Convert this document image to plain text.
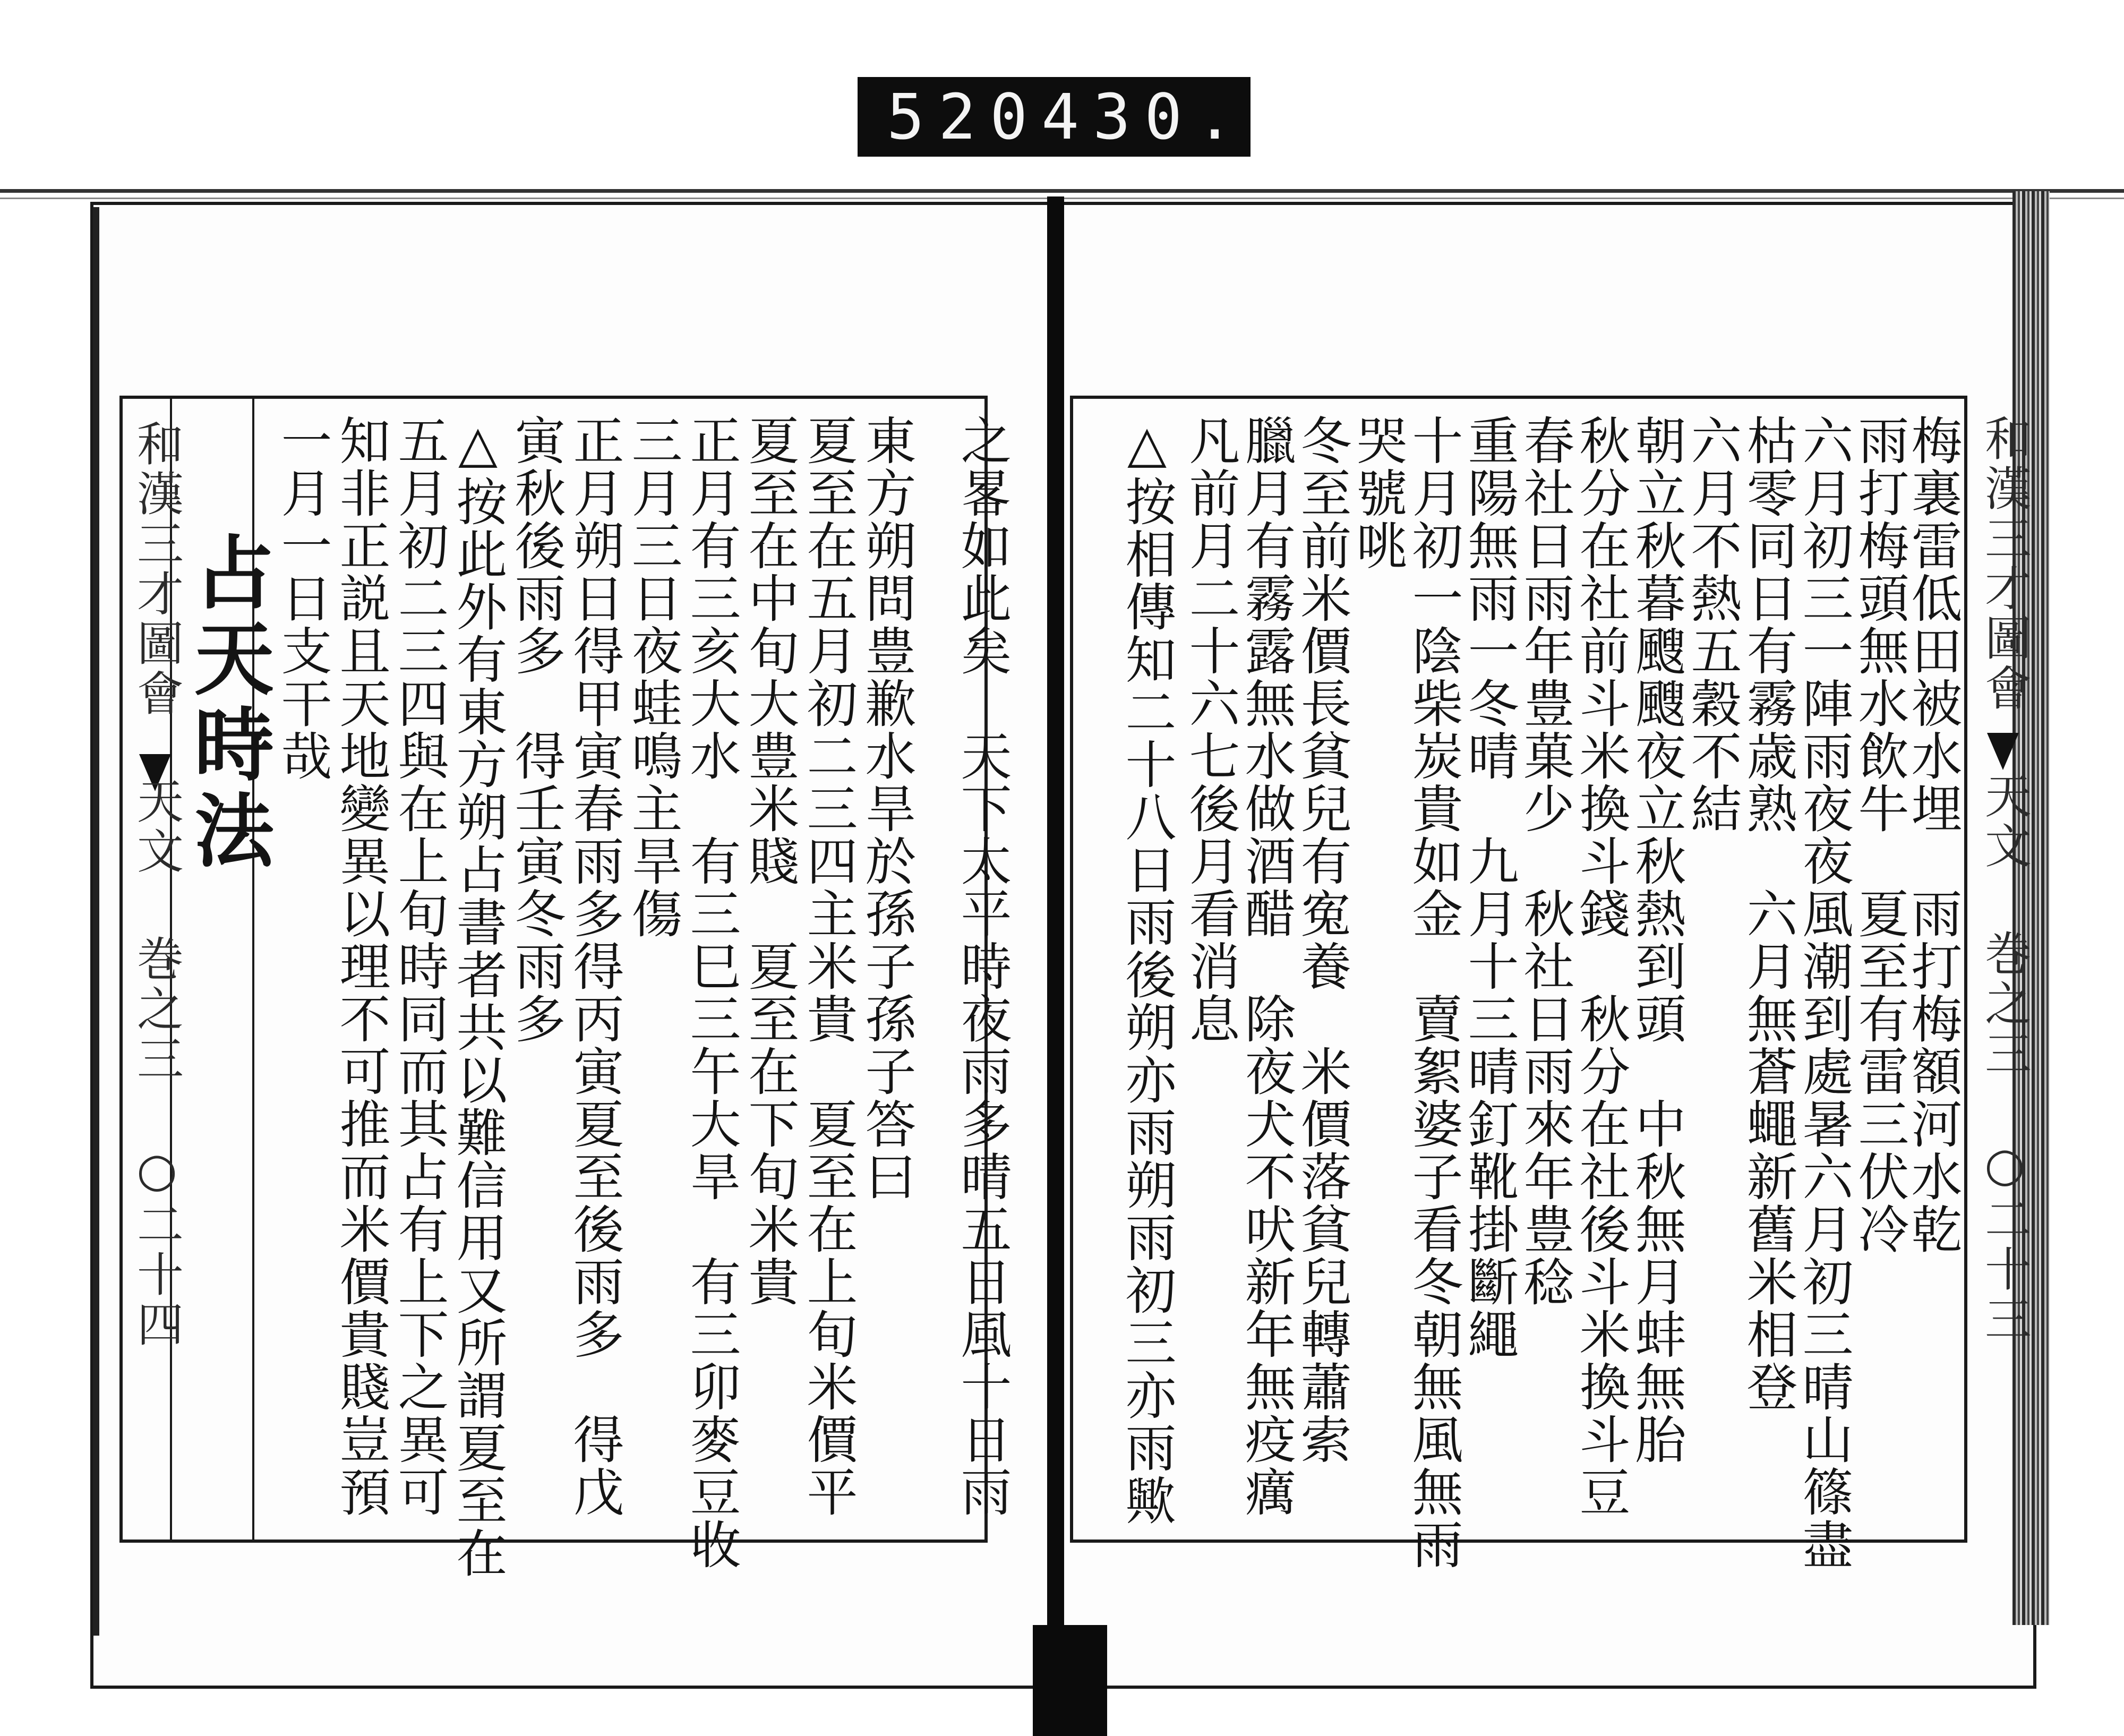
520 430.
和漢三才圖會 天文 巻之三 ○二十四
占天時法	之畧如此矣　天下太平時夜雨多晴五日風十日雨
東方朔問豊歉水旱於孫子孫子答曰
夏至在五月初二三四主米貴　夏至在上旬米價平
夏至在中旬大豊米賤　夏至在下旬米貴
正月有三亥大水　有三巳三午大旱　有三卯麥豆收
三月三日夜蛙鳴主旱傷
正月朔日得甲寅春雨多得丙寅夏至後雨多　得戊
寅秋後雨多　得壬寅冬雨多
△按此外有東方朔占書者共以難信用又所謂夏至在
五月初二三四與在上旬時同而其占有上下之異可
知非正説且天地變異以理不可推而米價貴賤豈預
一月一日支干哉	和漢三才圖會 天文 巻之三 ○二十三
梅裏雷低田被水埋　雨打梅額河水乾
雨打梅頭無水飲牛　夏至有雷三伏冷
六月初三一陣雨夜夜風潮到處暑六月初三晴山篠盡
枯零同日有霧歳熟　六月無蒼蠅新舊米相登
六月不熱五穀不結
朝立秋暮颼颼夜立秋熱到頭　中秋無月蚌無胎
秋分在社前斗米換斗錢　秋分在社後斗米換斗豆
春社日雨年豊菓少　秋社日雨來年豊稔
重陽無雨一冬晴　九月十三晴釘靴掛斷繩
十月初一陰柴炭貴如金　賣絮婆子看冬朝無風無雨
哭號咷
冬至前米價長貧兒有寃養　米價落貧兒轉蕭索
臘月有霧露無水做酒醋　除夜犬不吠新年無疫癘
凡前月二十六七後月看消息
△按相傳知二十八日雨後朔亦雨朔雨初三亦雨歟
